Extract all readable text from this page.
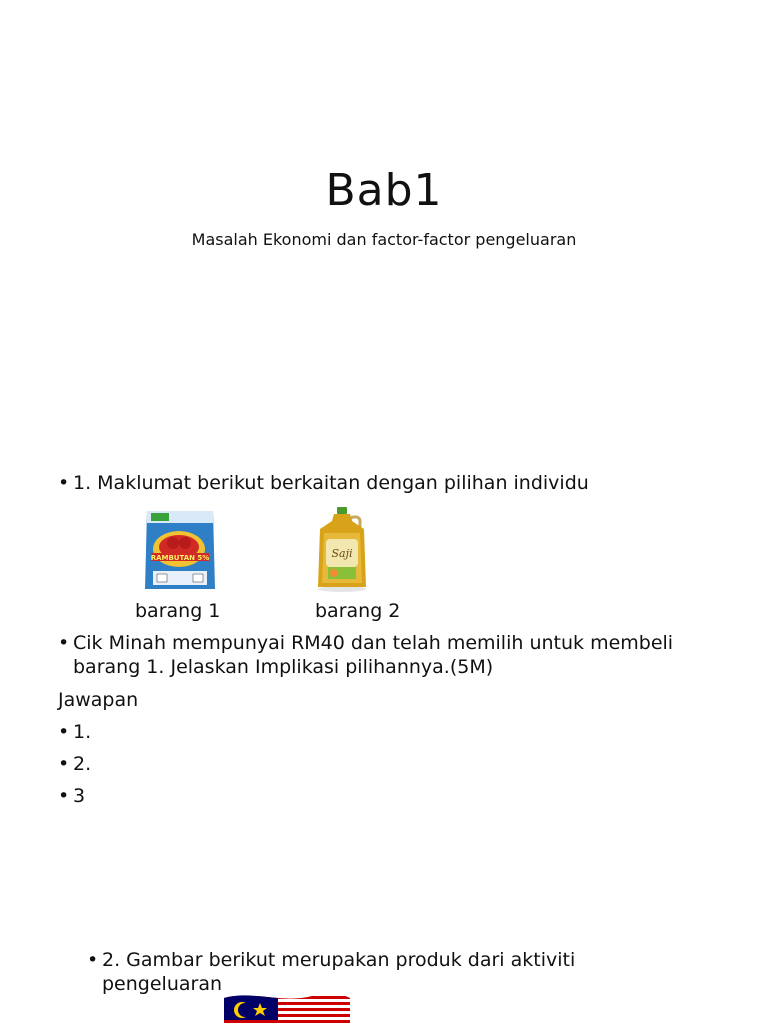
Bab1
Masalah Ekonomi dan factor-factor pengeluaran
• 1. Maklumat berikut berkaitan dengan pilihan individu
RAMBUTAN 5%
barang 1
Saji
barang 2
• Cik Minah mempunyai RM40 dan telah memilih untuk membeli
barang 1. Jelaskan Implikasi pilihannya.(5M)
Jawapan
• 1.
• 2.
• 3
• 2. Gambar berikut merupakan produk dari aktiviti
pengeluaran
